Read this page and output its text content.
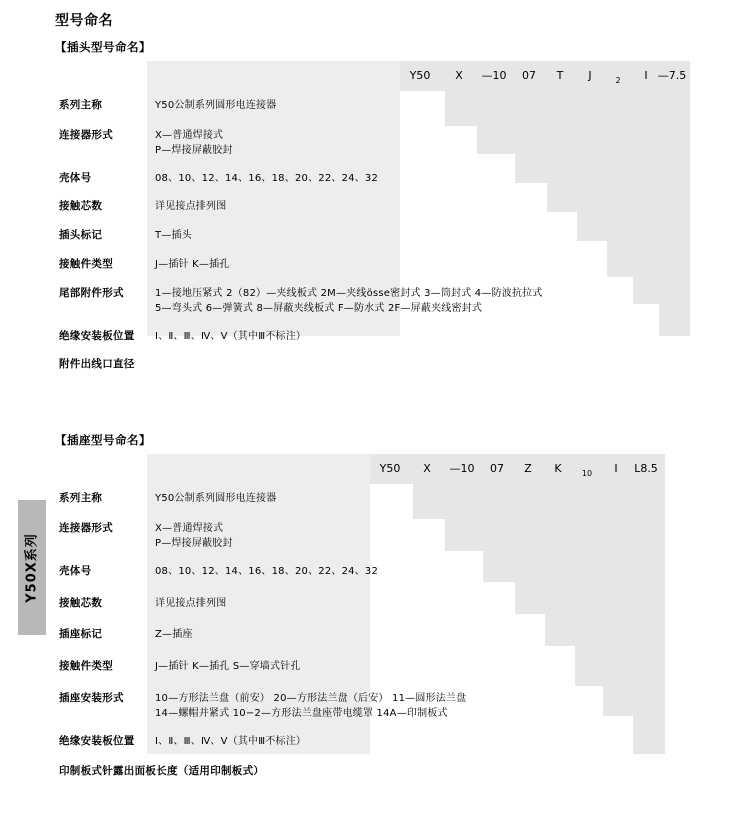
Y50X系列
型号命名
【插头型号命名】
Y50	X	—10	07	T	J	2	Ⅰ —7.5
系列主称	Y50公制系列圆形电连接器
连接器形式	X—普通焊接式
P—焊接屏蔽胶封
壳体号	08、10、12、14、16、18、20、22、24、32
接触芯数	详见接点排列图
插头标记	T—插头
接触件类型	J—插针 K—插孔
尾部附件形式	1—接地压紧式 2（82）—夹线板式 2M—夹线össe密封式 3—筒封式 4—防波抗拉式
5—弯头式 6—弹簧式 8—屏蔽夹线板式 F—防水式 2F—屏蔽夹线密封式
绝缘安装板位置	Ⅰ、Ⅱ、Ⅲ、Ⅳ、Ⅴ（其中Ⅲ不标注）
附件出线口直径
【插座型号命名】
Y50	X	—10	07	Z	K	10	Ⅰ	L8.5
系列主称	Y50公制系列圆形电连接器
连接器形式	X—普通焊接式
P—焊接屏蔽胶封
壳体号	08、10、12、14、16、18、20、22、24、32
接触芯数	详见接点排列图
插座标记	Z—插座
接触件类型	J—插针 K—插孔 S—穿墙式针孔
插座安装形式	10—方形法兰盘（前安） 20—方形法兰盘（后安） 11—圆形法兰盘
14—螺帽并紧式 10−2—方形法兰盘座带电缆罩 14A—印制板式
绝缘安装板位置	Ⅰ、Ⅱ、Ⅲ、Ⅳ、Ⅴ（其中Ⅲ不标注）
印制板式针露出面板长度（适用印制板式）
